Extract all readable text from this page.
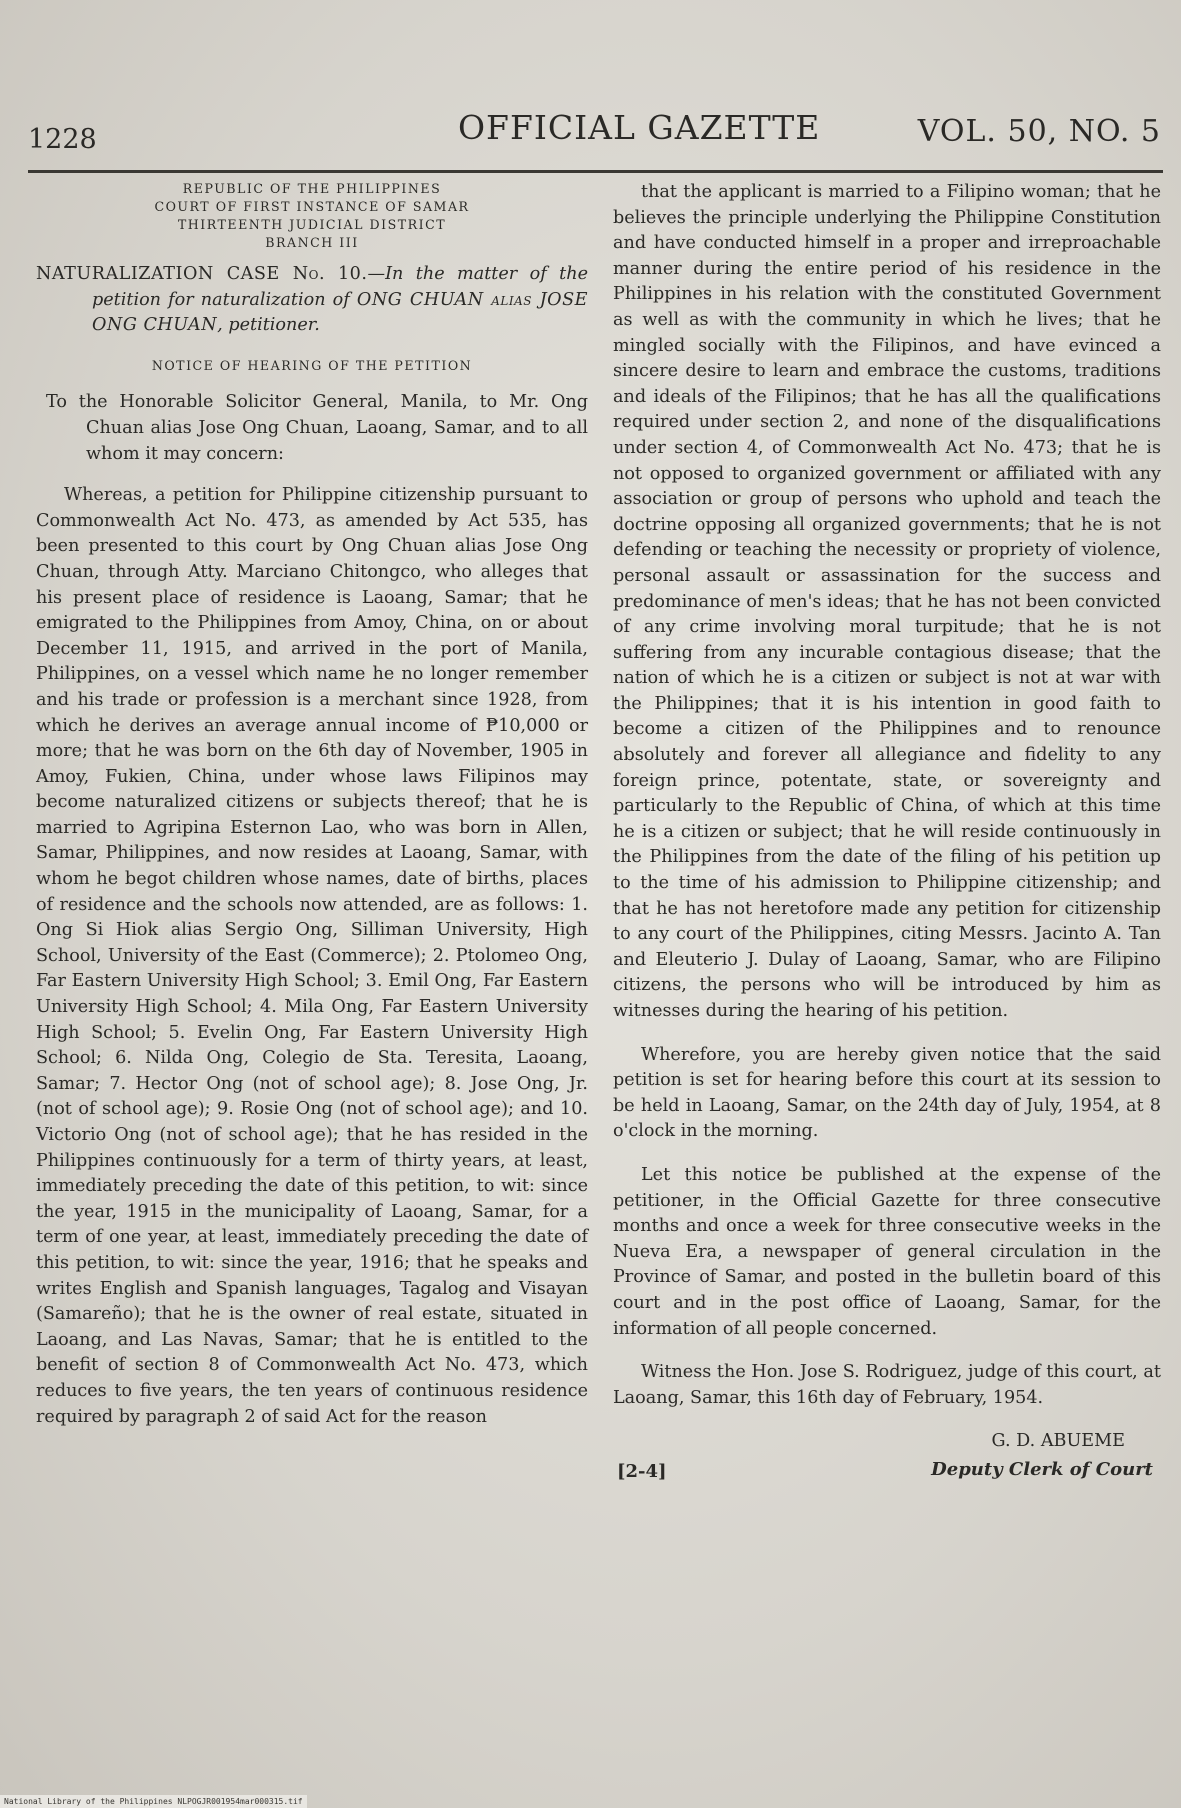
1228	OFFICIAL GAZETTE	VOL. 50, NO. 5
REPUBLIC OF THE PHILIPPINES
COURT OF FIRST INSTANCE OF SAMAR
THIRTEENTH JUDICIAL DISTRICT
BRANCH III
NATURALIZATION CASE No. 10.—In the matter of the petition for naturalization of ONG CHUAN alias JOSE ONG CHUAN, petitioner.
NOTICE OF HEARING OF THE PETITION

To the Honorable Solicitor General, Manila, to Mr. Ong Chuan alias Jose Ong Chuan, Laoang, Samar, and to all whom it may concern:

Whereas, a petition for Philippine citizenship pursuant to Commonwealth Act No. 473, as amended by Act 535, has been presented to this court by Ong Chuan alias Jose Ong Chuan, through Atty. Marciano Chitongco, who alleges that his present place of residence is Laoang, Samar; that he emigrated to the Philippines from Amoy, China, on or about December 11, 1915, and arrived in the port of Manila, Philippines, on a vessel which name he no longer remember and his trade or profession is a merchant since 1928, from which he derives an average annual income of ₱10,000 or more; that he was born on the 6th day of November, 1905 in Amoy, Fukien, China, under whose laws Filipinos may become naturalized citizens or subjects thereof; that he is married to Agripina Esternon Lao, who was born in Allen, Samar, Philippines, and now resides at Laoang, Samar, with whom he begot children whose names, date of births, places of residence and the schools now attended, are as follows: 1. Ong Si Hiok alias Sergio Ong, Silliman University, High School, University of the East (Commerce); 2. Ptolomeo Ong, Far Eastern University High School; 3. Emil Ong, Far Eastern University High School; 4. Mila Ong, Far Eastern University High School; 5. Evelin Ong, Far Eastern University High School; 6. Nilda Ong, Colegio de Sta. Teresita, Laoang, Samar; 7. Hector Ong (not of school age); 8. Jose Ong, Jr. (not of school age); 9. Rosie Ong (not of school age); and 10. Victorio Ong (not of school age); that he has resided in the Philippines continuously for a term of thirty years, at least, immediately preceding the date of this petition, to wit: since the year, 1915 in the municipality of Laoang, Samar, for a term of one year, at least, immediately preceding the date of this petition, to wit: since the year, 1916; that he speaks and writes English and Spanish languages, Tagalog and Visayan (Samareño); that he is the owner of real estate, situated in Laoang, and Las Navas, Samar; that he is entitled to the benefit of section 8 of Commonwealth Act No. 473, which reduces to five years, the ten years of continuous residence required by paragraph 2 of said Act for the reason

that the applicant is married to a Filipino woman; that he believes the principle underlying the Philippine Constitution and have conducted himself in a proper and irreproachable manner during the entire period of his residence in the Philippines in his relation with the constituted Government as well as with the community in which he lives; that he mingled socially with the Filipinos, and have evinced a sincere desire to learn and embrace the customs, traditions and ideals of the Filipinos; that he has all the qualifications required under section 2, and none of the disqualifications under section 4, of Commonwealth Act No. 473; that he is not opposed to organized government or affiliated with any association or group of persons who uphold and teach the doctrine opposing all organized governments; that he is not defending or teaching the necessity or propriety of violence, personal assault or assassination for the success and predominance of men's ideas; that he has not been convicted of any crime involving moral turpitude; that he is not suffering from any incurable contagious disease; that the nation of which he is a citizen or subject is not at war with the Philippines; that it is his intention in good faith to become a citizen of the Philippines and to renounce absolutely and forever all allegiance and fidelity to any foreign prince, potentate, state, or sovereignty and particularly to the Republic of China, of which at this time he is a citizen or subject; that he will reside continuously in the Philippines from the date of the filing of his petition up to the time of his admission to Philippine citizenship; and that he has not heretofore made any petition for citizenship to any court of the Philippines, citing Messrs. Jacinto A. Tan and Eleuterio J. Dulay of Laoang, Samar, who are Filipino citizens, the persons who will be introduced by him as witnesses during the hearing of his petition.

Wherefore, you are hereby given notice that the said petition is set for hearing before this court at its session to be held in Laoang, Samar, on the 24th day of July, 1954, at 8 o'clock in the morning.

Let this notice be published at the expense of the petitioner, in the Official Gazette for three consecutive months and once a week for three consecutive weeks in the Nueva Era, a newspaper of general circulation in the Province of Samar, and posted in the bulletin board of this court and in the post office of Laoang, Samar, for the information of all people concerned.

Witness the Hon. Jose S. Rodriguez, judge of this court, at Laoang, Samar, this 16th day of February, 1954.

[2-4]
G. D. ABUEME
Deputy Clerk of Court
National Library of the Philippines NLPOGJR001954mar000315.tif
